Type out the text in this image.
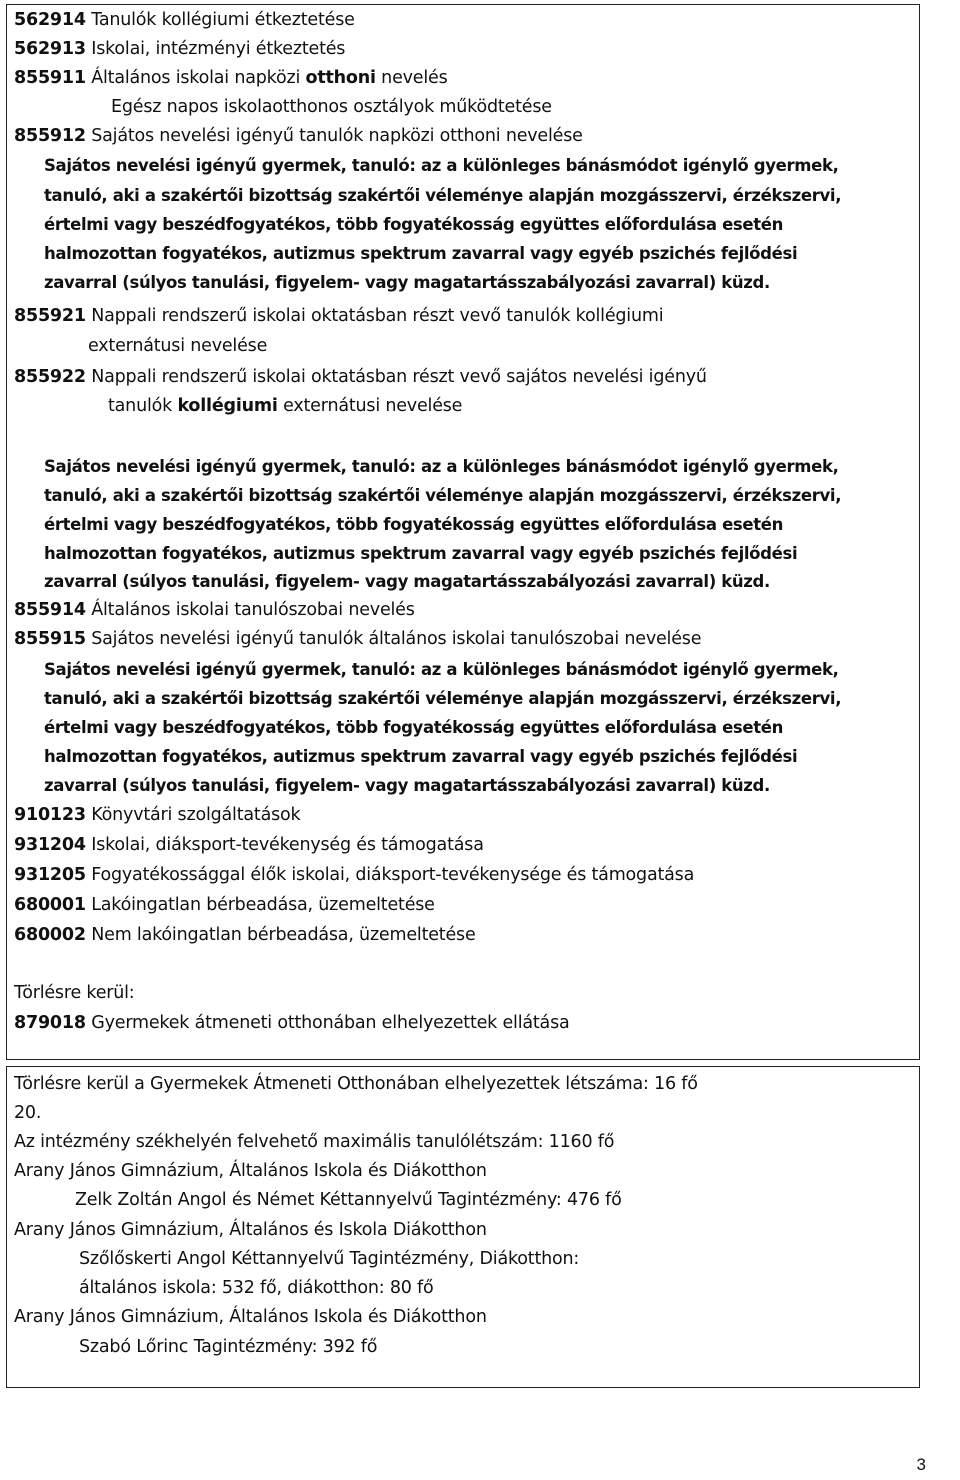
562914 Tanulók kollégiumi étkeztetése
562913 Iskolai, intézményi étkeztetés
855911 Általános iskolai napközi otthoni nevelés
Egész napos iskolaotthonos osztályok működtetése
855912 Sajátos nevelési igényű tanulók napközi otthoni nevelése
Sajátos nevelési igényű gyermek, tanuló: az a különleges bánásmódot igénylő gyermek,
tanuló, aki a szakértői bizottság szakértői véleménye alapján mozgásszervi, érzékszervi,
értelmi vagy beszédfogyatékos, több fogyatékosság együttes előfordulása esetén
halmozottan fogyatékos, autizmus spektrum zavarral vagy egyéb pszichés fejlődési
zavarral (súlyos tanulási, figyelem- vagy magatartásszabályozási zavarral) küzd.
855921 Nappali rendszerű iskolai oktatásban részt vevő tanulók kollégiumi
externátusi nevelése
855922 Nappali rendszerű iskolai oktatásban részt vevő sajátos nevelési igényű
tanulók kollégiumi externátusi nevelése
Sajátos nevelési igényű gyermek, tanuló: az a különleges bánásmódot igénylő gyermek,
tanuló, aki a szakértői bizottság szakértői véleménye alapján mozgásszervi, érzékszervi,
értelmi vagy beszédfogyatékos, több fogyatékosság együttes előfordulása esetén
halmozottan fogyatékos, autizmus spektrum zavarral vagy egyéb pszichés fejlődési
zavarral (súlyos tanulási, figyelem- vagy magatartásszabályozási zavarral) küzd.
855914 Általános iskolai tanulószobai nevelés
855915 Sajátos nevelési igényű tanulók általános iskolai tanulószobai nevelése
Sajátos nevelési igényű gyermek, tanuló: az a különleges bánásmódot igénylő gyermek,
tanuló, aki a szakértői bizottság szakértői véleménye alapján mozgásszervi, érzékszervi,
értelmi vagy beszédfogyatékos, több fogyatékosság együttes előfordulása esetén
halmozottan fogyatékos, autizmus spektrum zavarral vagy egyéb pszichés fejlődési
zavarral (súlyos tanulási, figyelem- vagy magatartásszabályozási zavarral) küzd.
910123 Könyvtári szolgáltatások
931204 Iskolai, diáksport-tevékenység és támogatása
931205 Fogyatékossággal élők iskolai, diáksport-tevékenysége és támogatása
680001 Lakóingatlan bérbeadása, üzemeltetése
680002 Nem lakóingatlan bérbeadása, üzemeltetése
Törlésre kerül:
879018 Gyermekek átmeneti otthonában elhelyezettek ellátása
Törlésre kerül a Gyermekek Átmeneti Otthonában elhelyezettek létszáma: 16 fő
20.
Az intézmény székhelyén felvehető maximális tanulólétszám: 1160 fő
Arany János Gimnázium, Általános Iskola és Diákotthon
Zelk Zoltán Angol és Német Kéttannyelvű Tagintézmény: 476 fő
Arany János Gimnázium, Általános és Iskola Diákotthon
Szőlőskerti Angol Kéttannyelvű Tagintézmény, Diákotthon:
általános iskola: 532 fő, diákotthon: 80 fő
Arany János Gimnázium, Általános Iskola és Diákotthon
Szabó Lőrinc Tagintézmény: 392 fő
3
